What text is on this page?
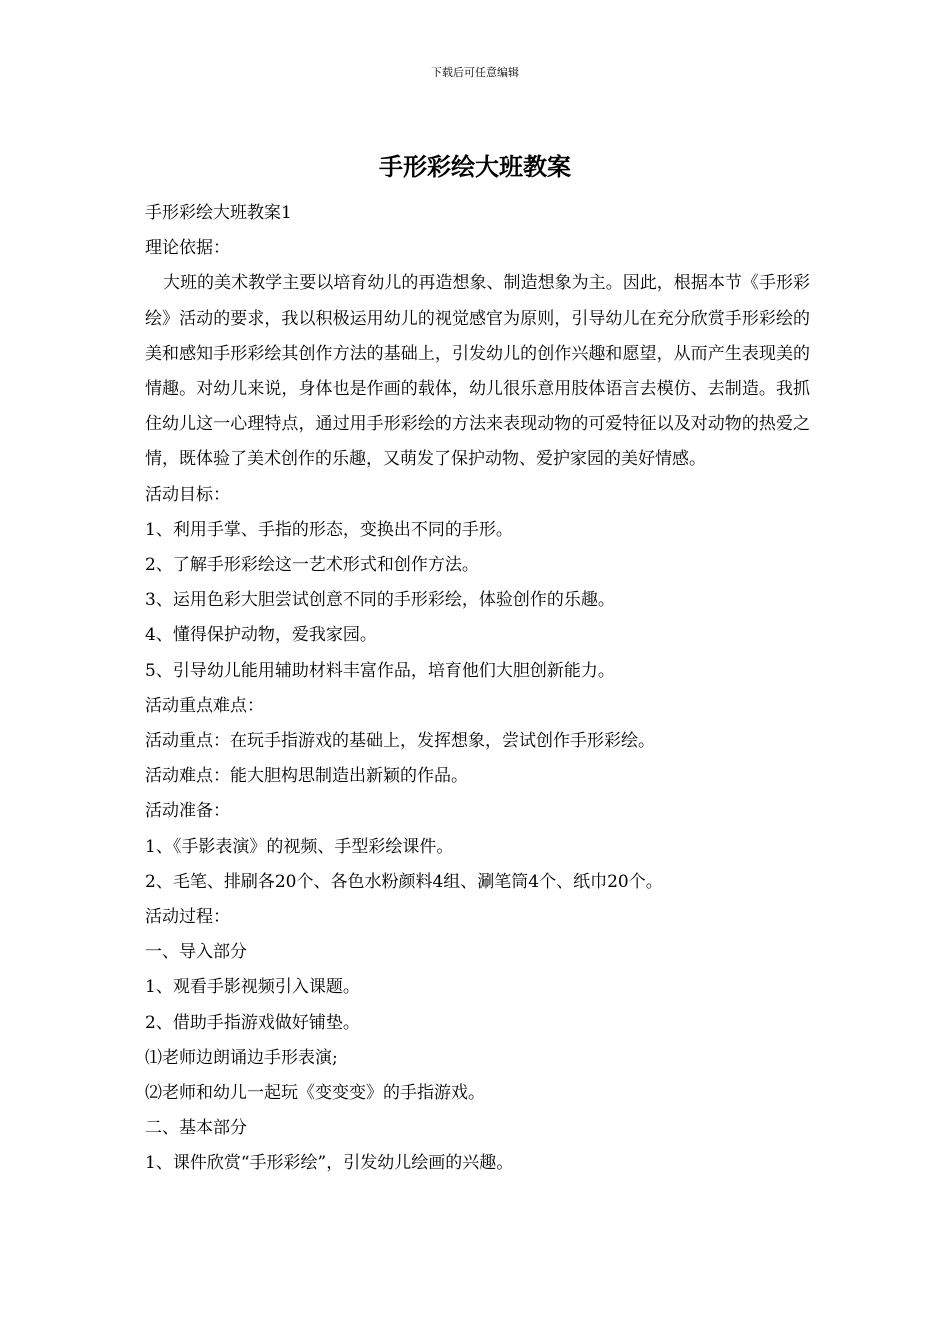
下载后可任意编辑
手形彩绘大班教案

手形彩绘大班教案1

理论依据：

大班的美术教学主要以培育幼儿的再造想象、制造想象为主。因此，根据本节《手形彩绘》活动的要求，我以积极运用幼儿的视觉感官为原则，引导幼儿在充分欣赏手形彩绘的美和感知手形彩绘其创作方法的基础上，引发幼儿的创作兴趣和愿望，从而产生表现美的情趣。对幼儿来说，身体也是作画的载体，幼儿很乐意用肢体语言去模仿、去制造。我抓住幼儿这一心理特点，通过用手形彩绘的方法来表现动物的可爱特征以及对动物的热爱之情，既体验了美术创作的乐趣，又萌发了保护动物、爱护家园的美好情感。

活动目标：

1、利用手掌、手指的形态，变换出不同的手形。

2、了解手形彩绘这一艺术形式和创作方法。

3、运用色彩大胆尝试创意不同的手形彩绘，体验创作的乐趣。

4、懂得保护动物，爱我家园。

5、引导幼儿能用辅助材料丰富作品，培育他们大胆创新能力。

活动重点难点：

活动重点：在玩手指游戏的基础上，发挥想象，尝试创作手形彩绘。

活动难点：能大胆构思制造出新颖的作品。

活动准备：

1、《手影表演》的视频、手型彩绘课件。

2、毛笔、排刷各20个、各色水粉颜料4组、涮笔筒4个、纸巾20个。

活动过程：

一、导入部分

1、观看手影视频引入课题。

2、借助手指游戏做好铺垫。

⑴老师边朗诵边手形表演;

⑵老师和幼儿一起玩《变变变》的手指游戏。

二、基本部分

1、课件欣赏“手形彩绘”，引发幼儿绘画的兴趣。
